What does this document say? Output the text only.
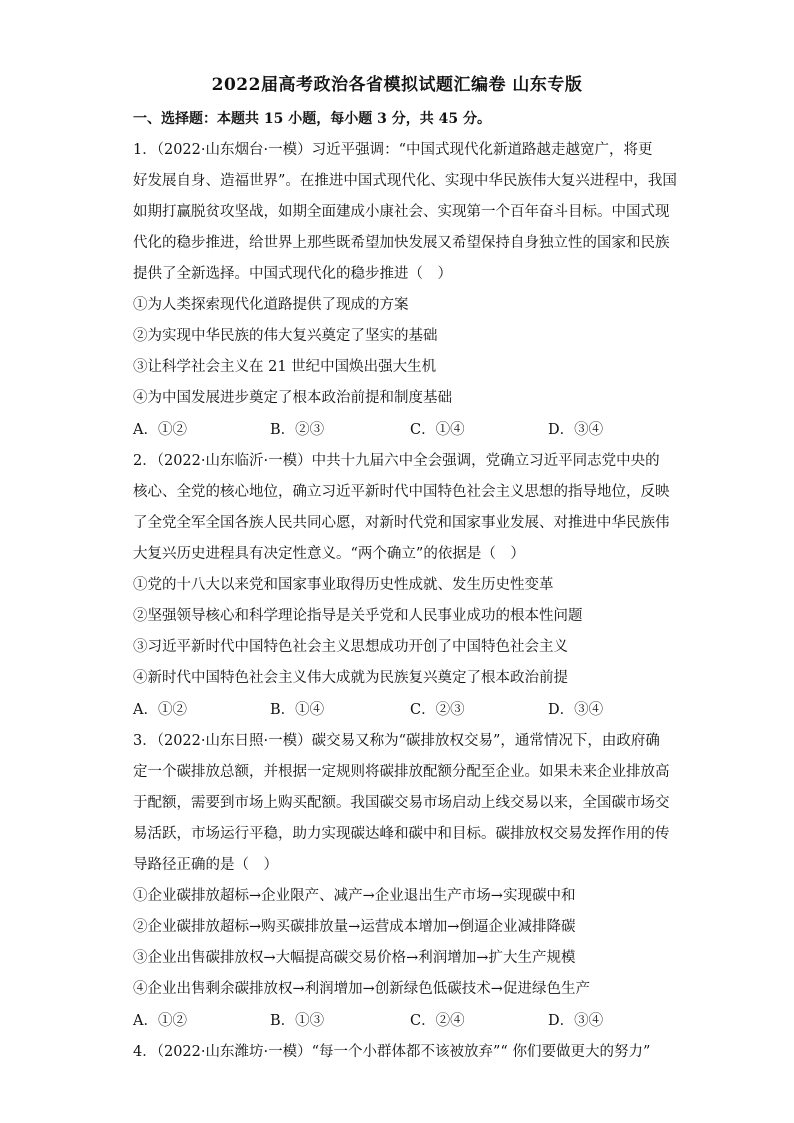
2022届高考政治各省模拟试题汇编卷 山东专版
一、选择题：本题共 15 小题，每小题 3 分，共 45 分。
1．（2022·山东烟台·一模）习近平强调：“中国式现代化新道路越走越宽广，将更
好发展自身、造福世界”。在推进中国式现代化、实现中华民族伟大复兴进程中，我国
如期打赢脱贫攻坚战，如期全面建成小康社会、实现第一个百年奋斗目标。中国式现
代化的稳步推进，给世界上那些既希望加快发展又希望保持自身独立性的国家和民族
提供了全新选择。中国式现代化的稳步推进（　）
①为人类探索现代化道路提供了现成的方案
②为实现中华民族的伟大复兴奠定了坚实的基础
③让科学社会主义在 21 世纪中国焕出强大生机
④为中国发展进步奠定了根本政治前提和制度基础
A．①②	B．②③	C．①④	D．③④
2．（2022·山东临沂·一模）中共十九届六中全会强调，党确立习近平同志党中央的
核心、全党的核心地位，确立习近平新时代中国特色社会主义思想的指导地位，反映
了全党全军全国各族人民共同心愿，对新时代党和国家事业发展、对推进中华民族伟
大复兴历史进程具有决定性意义。“两个确立”的依据是（　）
①党的十八大以来党和国家事业取得历史性成就、发生历史性变革
②坚强领导核心和科学理论指导是关乎党和人民事业成功的根本性问题
③习近平新时代中国特色社会主义思想成功开创了中国特色社会主义
④新时代中国特色社会主义伟大成就为民族复兴奠定了根本政治前提
A．①②	B．①④	C．②③	D．③④
3．（2022·山东日照·一模）碳交易又称为“碳排放权交易”，通常情况下，由政府确
定一个碳排放总额，并根据一定规则将碳排放配额分配至企业。如果未来企业排放高
于配额，需要到市场上购买配额。我国碳交易市场启动上线交易以来，全国碳市场交
易活跃，市场运行平稳，助力实现碳达峰和碳中和目标。碳排放权交易发挥作用的传
导路径正确的是（　）
①企业碳排放超标→企业限产、减产→企业退出生产市场→实现碳中和
②企业碳排放超标→购买碳排放量→运营成本增加→倒逼企业减排降碳
③企业出售碳排放权→大幅提高碳交易价格→利润增加→扩大生产规模
④企业出售剩余碳排放权→利润增加→创新绿色低碳技术→促进绿色生产
A．①②	B．①③	C．②④	D．③④
4．（2022·山东潍坊·一模）“每一个小群体都不该被放弃”“ 你们要做更大的努力”
